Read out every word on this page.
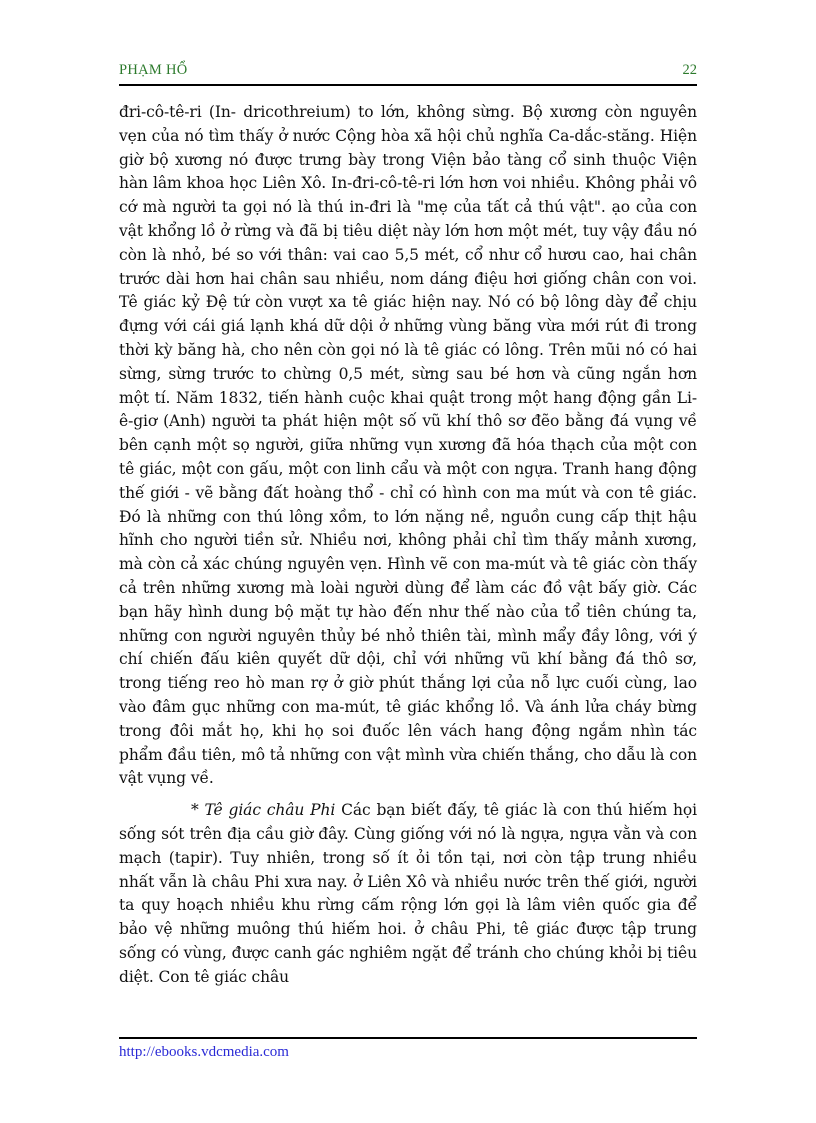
PHẠM HỔ	22

đri-cô-tê-ri (In- dricothreium) to lớn, không sừng. Bộ xương còn nguyên vẹn của nó tìm thấy ở nước Cộng hòa xã hội chủ nghĩa Ca-dắc-stăng. Hiện giờ bộ xương nó được trưng bày trong Viện bảo tàng cổ sinh thuộc Viện hàn lâm khoa học Liên Xô. In-đri-cô-tê-ri lớn hơn voi nhiều. Không phải vô cớ mà người ta gọi nó là thú in-đri là "mẹ của tất cả thú vật". ạo của con vật khổng lồ ở rừng và đã bị tiêu diệt này lớn hơn một mét, tuy vậy đầu nó còn là nhỏ, bé so với thân: vai cao 5,5 mét, cổ như cổ hươu cao, hai chân trước dài hơn hai chân sau nhiều, nom dáng điệu hơi giống chân con voi. Tê giác kỷ Đệ tứ còn vượt xa tê giác hiện nay. Nó có bộ lông dày để chịu đựng với cái giá lạnh khá dữ dội ở những vùng băng vừa mới rút đi trong thời kỳ băng hà, cho nên còn gọi nó là tê giác có lông. Trên mũi nó có hai sừng, sừng trước to chừng 0,5 mét, sừng sau bé hơn và cũng ngắn hơn một tí. Năm 1832, tiến hành cuộc khai quật trong một hang động gần Li-ê-giơ (Anh) người ta phát hiện một số vũ khí thô sơ đẽo bằng đá vụng về bên cạnh một sọ người, giữa những vụn xương đã hóa thạch của một con tê giác, một con gấu, một con linh cẩu và một con ngựa. Tranh hang động thế giới - vẽ bằng đất hoàng thổ - chỉ có hình con ma mút và con tê giác. Đó là những con thú lông xồm, to lớn nặng nề, nguồn cung cấp thịt hậu hĩnh cho người tiền sử. Nhiều nơi, không phải chỉ tìm thấy mảnh xương, mà còn cả xác chúng nguyên vẹn. Hình vẽ con ma-mút và tê giác còn thấy cả trên những xương mà loài người dùng để làm các đồ vật bấy giờ. Các bạn hãy hình dung bộ mặt tự hào đến như thế nào của tổ tiên chúng ta, những con người nguyên thủy bé nhỏ thiên tài, mình mẩy đầy lông, với ý chí chiến đấu kiên quyết dữ dội, chỉ với những vũ khí bằng đá thô sơ, trong tiếng reo hò man rợ ở giờ phút thắng lợi của nỗ lực cuối cùng, lao vào đâm gục những con ma-mút, tê giác khổng lồ. Và ánh lửa cháy bừng trong đôi mắt họ, khi họ soi đuốc lên vách hang động ngắm nhìn tác phẩm đầu tiên, mô tả những con vật mình vừa chiến thắng, cho dẫu là con vật vụng về.

* Tê giác châu Phi Các bạn biết đấy, tê giác là con thú hiếm họi sống sót trên địa cầu giờ đây. Cùng giống với nó là ngựa, ngựa vằn và con mạch (tapir). Tuy nhiên, trong số ít ỏi tồn tại, nơi còn tập trung nhiều nhất vẫn là châu Phi xưa nay. ở Liên Xô và nhiều nước trên thế giới, người ta quy hoạch nhiều khu rừng cấm rộng lớn gọi là lâm viên quốc gia để bảo vệ những muông thú hiếm hoi. ở châu Phi, tê giác được tập trung sống có vùng, được canh gác nghiêm ngặt để tránh cho chúng khỏi bị tiêu diệt. Con tê giác châu

http://ebooks.vdcmedia.com
